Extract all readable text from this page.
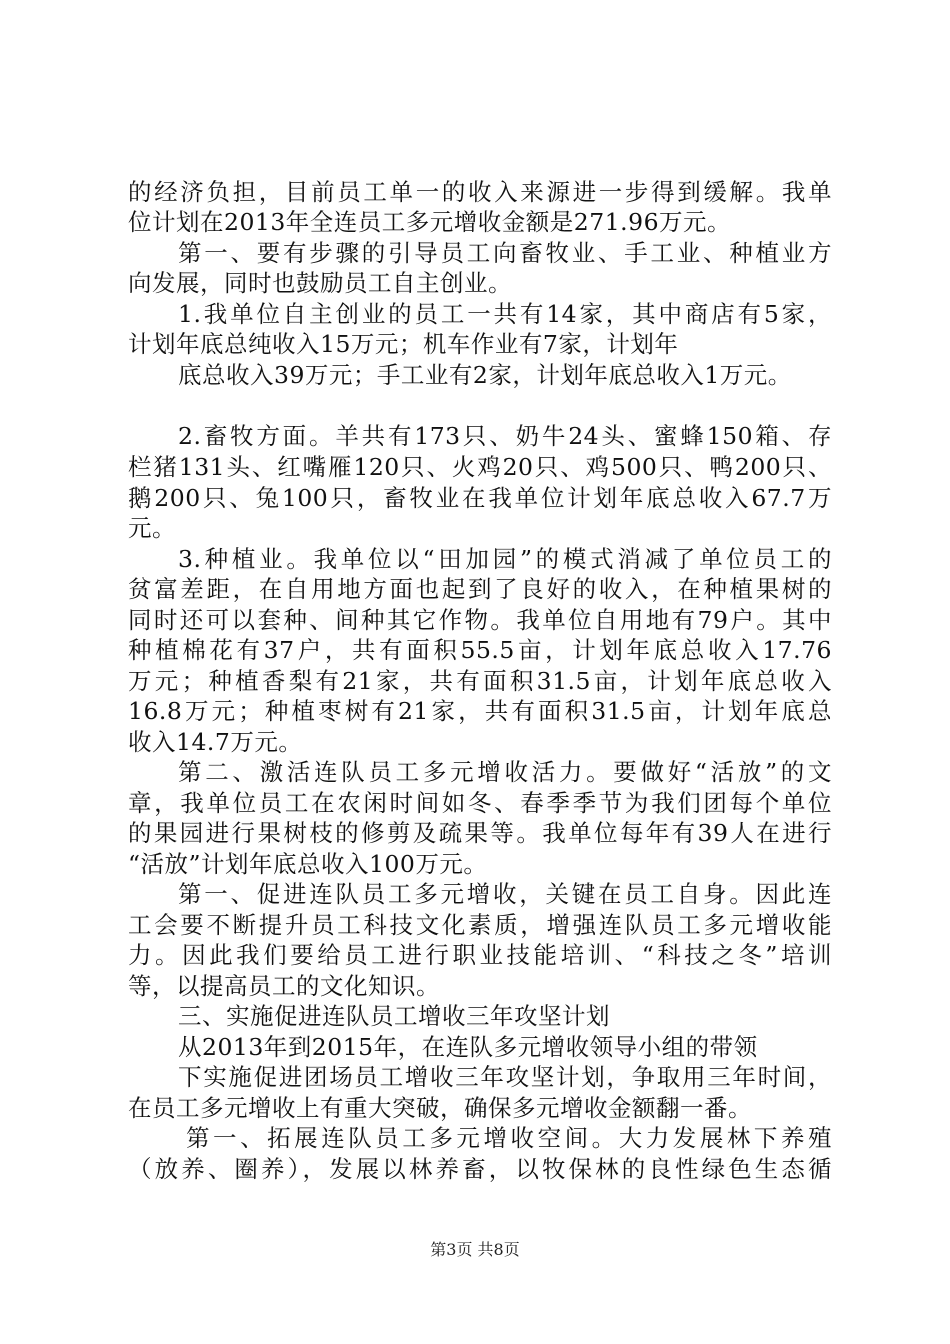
的经济负担，目前员工单一的收入来源进一步得到缓解。我单
位计划在2013年全连员工多元增收金额是271.96万元。
第一、要有步骤的引导员工向畜牧业、手工业、种植业方
向发展，同时也鼓励员工自主创业。
1.我单位自主创业的员工一共有14家，其中商店有5家，
计划年底总纯收入15万元；机车作业有7家，计划年
底总收入39万元；手工业有2家，计划年底总收入1万元。
2.畜牧方面。羊共有173只、奶牛24头、蜜蜂150箱、存
栏猪131头、红嘴雁120只、火鸡20只、鸡500只、鸭200只、
鹅200只、兔100只，畜牧业在我单位计划年底总收入67.7万
元。
3.种植业。我单位以“田加园”的模式消减了单位员工的
贫富差距，在自用地方面也起到了良好的收入，在种植果树的
同时还可以套种、间种其它作物。我单位自用地有79户。其中
种植棉花有37户，共有面积55.5亩，计划年底总收入17.76
万元；种植香梨有21家，共有面积31.5亩，计划年底总收入
16.8万元；种植枣树有21家，共有面积31.5亩，计划年底总
收入14.7万元。
第二、激活连队员工多元增收活力。要做好“活放”的文
章，我单位员工在农闲时间如冬、春季季节为我们团每个单位
的果园进行果树枝的修剪及疏果等。我单位每年有39人在进行
“活放”计划年底总收入100万元。
第一、促进连队员工多元增收，关键在员工自身。因此连
工会要不断提升员工科技文化素质，增强连队员工多元增收能
力。因此我们要给员工进行职业技能培训、“科技之冬”培训
等，以提高员工的文化知识。
三、实施促进连队员工增收三年攻坚计划
从2013年到2015年，在连队多元增收领导小组的带领
下实施促进团场员工增收三年攻坚计划，争取用三年时间，
在员工多元增收上有重大突破，确保多元增收金额翻一番。
第一、拓展连队员工多元增收空间。大力发展林下养殖
（放养、圈养），发展以林养畜，以牧保林的良性绿色生态循
第3页 共8页
